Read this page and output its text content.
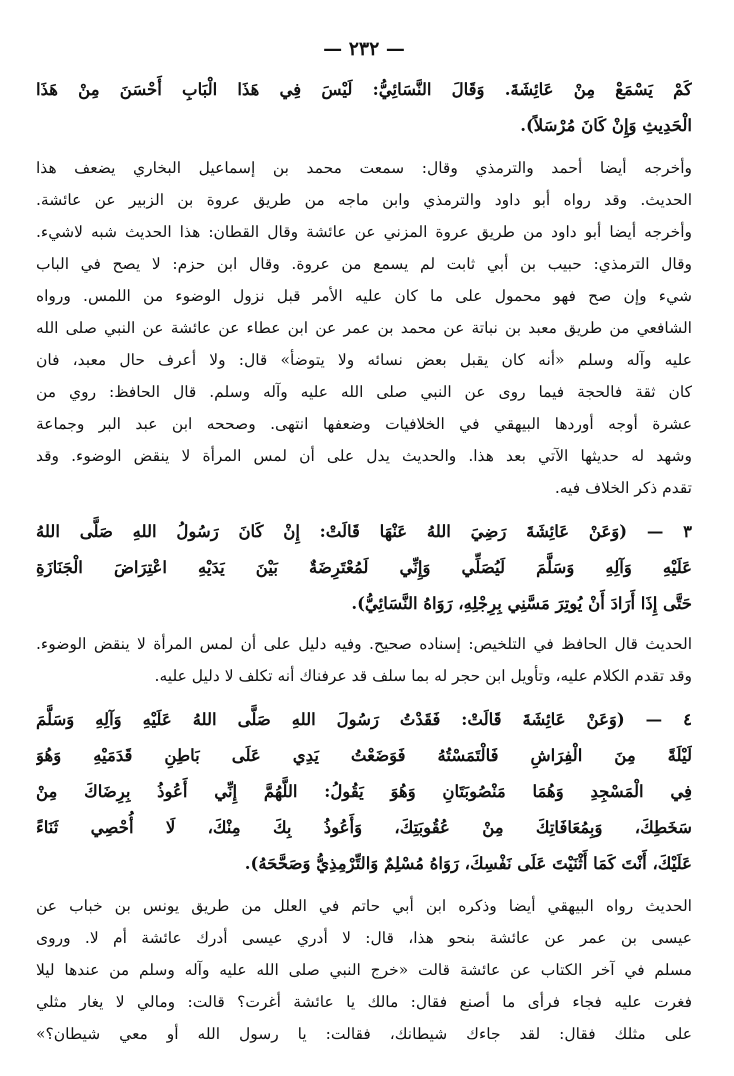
— ٢٣٢ —
كَمْ يَسْمَعْ مِنْ عَائِشَةَ. وَقَالَ النَّسَائِيُّ: لَيْسَ فِي هَذَا الْبَابِ أَحْسَنَ مِنْ هَذَا
الْحَدِيثِ وَإِنْ كَانَ مُرْسَلاً).
وأخرجه أيضا أحمد والترمذي وقال: سمعت محمد بن إسماعيل البخاري يضعف هذا
الحديث. وقد رواه أبو داود والترمذي وابن ماجه من طريق عروة بن الزبير عن عائشة.
وأخرجه أيضا أبو داود من طريق عروة المزني عن عائشة وقال القطان: هذا الحديث شبه لاشيء.
وقال الترمذي: حبيب بن أبي ثابت لم يسمع من عروة. وقال ابن حزم: لا يصح في الباب
شيء وإن صح فهو محمول على ما كان عليه الأمر قبل نزول الوضوء من اللمس. ورواه
الشافعي من طريق معبد بن نباتة عن محمد بن عمر عن ابن عطاء عن عائشة عن النبي صلى الله
عليه وآله وسلم «أنه كان يقبل بعض نسائه ولا يتوضأ» قال: ولا أعرف حال معبد، فان
كان ثقة فالحجة فيما روى عن النبي صلى الله عليه وآله وسلم. قال الحافظ: روي من
عشرة أوجه أوردها البيهقي في الخلافيات وضعفها انتهى. وصححه ابن عبد البر وجماعة
وشهد له حديثها الآتي بعد هذا. والحديث يدل على أن لمس المرأة لا ينقض الوضوء. وقد
تقدم ذكر الخلاف فيه.
٣ — (وَعَنْ عَائِشَةَ رَضِيَ اللهُ عَنْهَا قَالَتْ: إِنْ كَانَ رَسُولُ اللهِ صَلَّى اللهُ
عَلَيْهِ وَآلِهِ وَسَلَّمَ لَيُصَلِّي وَإِنِّي لَمُعْتَرِضَةٌ بَيْنَ يَدَيْهِ اعْتِرَاضَ الْجَنَازَةِ
حَتَّى إِذَا أَرَادَ أَنْ يُوتِرَ مَسَّنِي بِرِجْلِهِ، رَوَاهُ النَّسَائِيُّ).
الحديث قال الحافظ في التلخيص: إسناده صحيح. وفيه دليل على أن لمس المرأة لا ينقض الوضوء.
وقد تقدم الكلام عليه، وتأويل ابن حجر له بما سلف قد عرفناك أنه تكلف لا دليل عليه.
٤ — (وَعَنْ عَائِشَةَ قَالَتْ: فَقَدْتُ رَسُولَ اللهِ صَلَّى اللهُ عَلَيْهِ وَآلِهِ وَسَلَّمَ
لَيْلَةً مِنَ الْفِرَاشِ فَالْتَمَسْتُهُ فَوَضَعْتُ يَدِي عَلَى بَاطِنِ قَدَمَيْهِ وَهُوَ
فِي الْمَسْجِدِ وَهُمَا مَنْصُوبَتَانِ وَهُوَ يَقُولُ: اللَّهُمَّ إِنِّي أَعُوذُ بِرِضَاكَ مِنْ
سَخَطِكَ، وَبِمُعَافَاتِكَ مِنْ عُقُوبَتِكَ، وَأَعُوذُ بِكَ مِنْكَ، لَا أُحْصِي ثَنَاءً
عَلَيْكَ، أَنْتَ كَمَا أَثْنَيْتَ عَلَى نَفْسِكَ، رَوَاهُ مُسْلِمٌ وَالتِّرْمِذِيُّ وَصَحَّحَهُ).
الحديث رواه البيهقي أيضا وذكره ابن أبي حاتم في العلل من طريق يونس بن خباب عن
عيسى بن عمر عن عائشة بنحو هذا، قال: لا أدري عيسى أدرك عائشة أم لا. وروى
مسلم في آخر الكتاب عن عائشة قالت «خرج النبي صلى الله عليه وآله وسلم من عندها ليلا
فغرت عليه فجاء فرأى ما أصنع فقال: مالك يا عائشة أغرت؟ قالت: ومالي لا يغار مثلي
على مثلك فقال: لقد جاءك شيطانك، فقالت: يا رسول الله أو معي شيطان؟»
